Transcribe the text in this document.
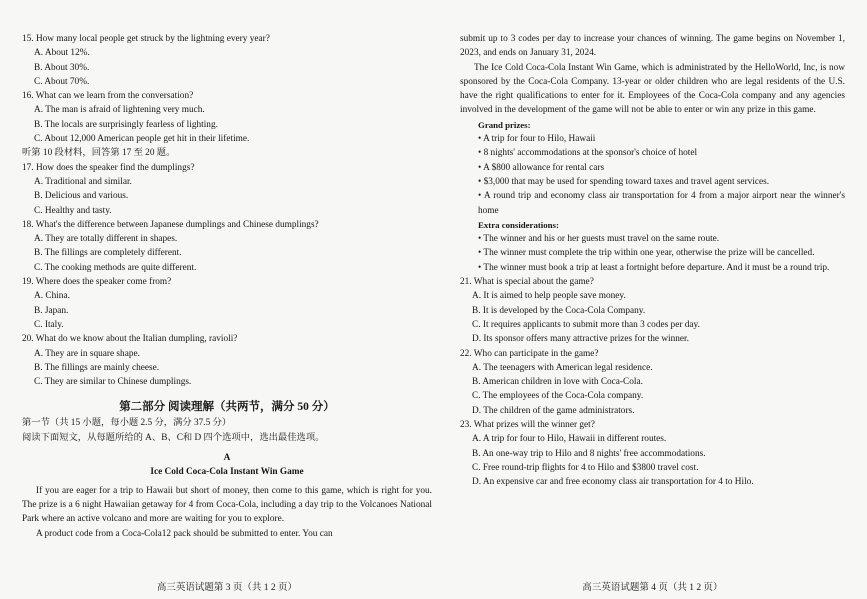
15. How many local people get struck by the lightning every year?
A. About 12%.
B. About 30%.
C. About 70%.
16. What can we learn from the conversation?
A. The man is afraid of lightening very much.
B. The locals are surprisingly fearless of lighting.
C. About 12,000 American people get hit in their lifetime.
听第 10 段材料，回答第 17 至 20 题。
17. How does the speaker find the dumplings?
A. Traditional and similar.
B. Delicious and various.
C. Healthy and tasty.
18. What's the difference between Japanese dumplings and Chinese dumplings?
A. They are totally different in shapes.
B. The fillings are completely different.
C. The cooking methods are quite different.
19. Where does the speaker come from?
A. China.
B. Japan.
C. Italy.
20. What do we know about the Italian dumpling, ravioli?
A. They are in square shape.
B. The fillings are mainly cheese.
C. They are similar to Chinese dumplings.
第二部分 阅读理解（共两节，满分 50 分）
第一节（共 15 小题，每小题 2.5 分，满分 37.5 分）
阅读下面短文，从每题所给的 A、B、C和 D 四个选项中，选出最佳选项。
A
Ice Cold Coca-Cola Instant Win Game
If you are eager for a trip to Hawaii but short of money, then come to this game, which is right for you. The prize is a 6 night Hawaiian getaway for 4 from Coca-Cola, including a day trip to the Volcanoes National Park where an active volcano and more are waiting for you to explore.
A product code from a Coca-Cola12 pack should be submitted to enter. You can
高三英语试题第 3 页（共 1 2 页）
submit up to 3 codes per day to increase your chances of winning. The game begins on November 1, 2023, and ends on January 31, 2024.
The Ice Cold Coca-Cola Instant Win Game, which is administrated by the HelloWorld, Inc, is now sponsored by the Coca-Cola Company. 13-year or older children who are legal residents of the U.S. have the right qualifications to enter for it. Employees of the Coca-Cola company and any agencies involved in the development of the game will not be able to enter or win any prize in this game.
Grand prizes:
• A trip for four to Hilo, Hawaii
• 8 nights' accommodations at the sponsor's choice of hotel
• A $800 allowance for rental cars
• $3,000 that may be used for spending toward taxes and travel agent services.
• A round trip and economy class air transportation for 4 from a major airport near the winner's home
Extra considerations:
• The winner and his or her guests must travel on the same route.
• The winner must complete the trip within one year, otherwise the prize will be cancelled.
• The winner must book a trip at least a fortnight before departure. And it must be a round trip.
21. What is special about the game?
A. It is aimed to help people save money.
B. It is developed by the Coca-Cola Company.
C. It requires applicants to submit more than 3 codes per day.
D. Its sponsor offers many attractive prizes for the winner.
22. Who can participate in the game?
A. The teenagers with American legal residence.
B. American children in love with Coca-Cola.
C. The employees of the Coca-Cola company.
D. The children of the game administrators.
23. What prizes will the winner get?
A. A trip for four to Hilo, Hawaii in different routes.
B. An one-way trip to Hilo and 8 nights' free accommodations.
C. Free round-trip flights for 4 to Hilo and $3800 travel cost.
D. An expensive car and free economy class air transportation for 4 to Hilo.
高三英语试题第 4 页（共 1 2 页）
